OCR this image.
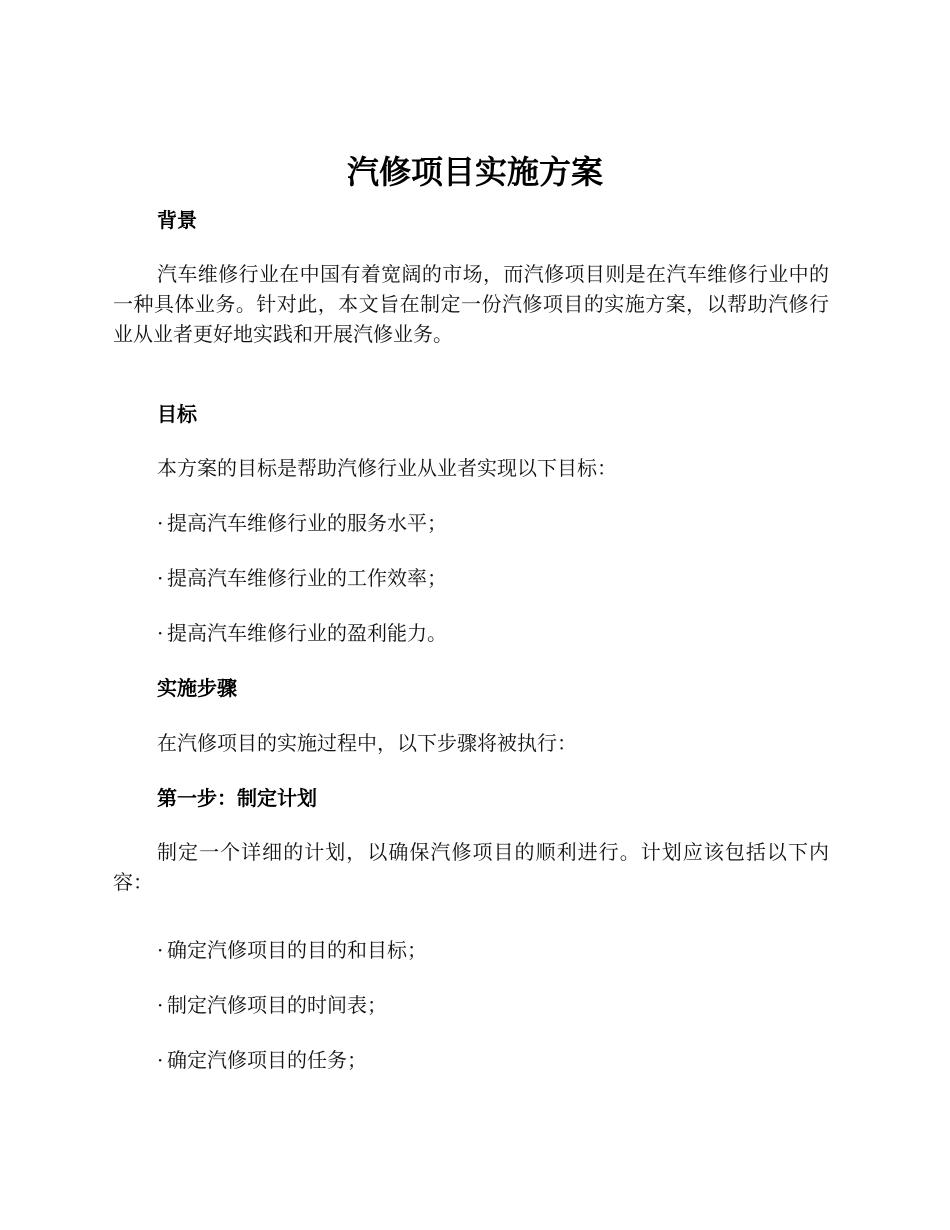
汽修项目实施方案
背景

汽车维修行业在中国有着宽阔的市场，而汽修项目则是在汽车维修行业中的一种具体业务。针对此，本文旨在制定一份汽修项目的实施方案，以帮助汽修行业从业者更好地实践和开展汽修业务。

目标

本方案的目标是帮助汽修行业从业者实现以下目标：

· 提高汽车维修行业的服务水平；
· 提高汽车维修行业的工作效率；
· 提高汽车维修行业的盈利能力。
实施步骤

在汽修项目的实施过程中，以下步骤将被执行：

第一步：制定计划

制定一个详细的计划，以确保汽修项目的顺利进行。计划应该包括以下内容：

· 确定汽修项目的目的和目标；
· 制定汽修项目的时间表；
· 确定汽修项目的任务；
